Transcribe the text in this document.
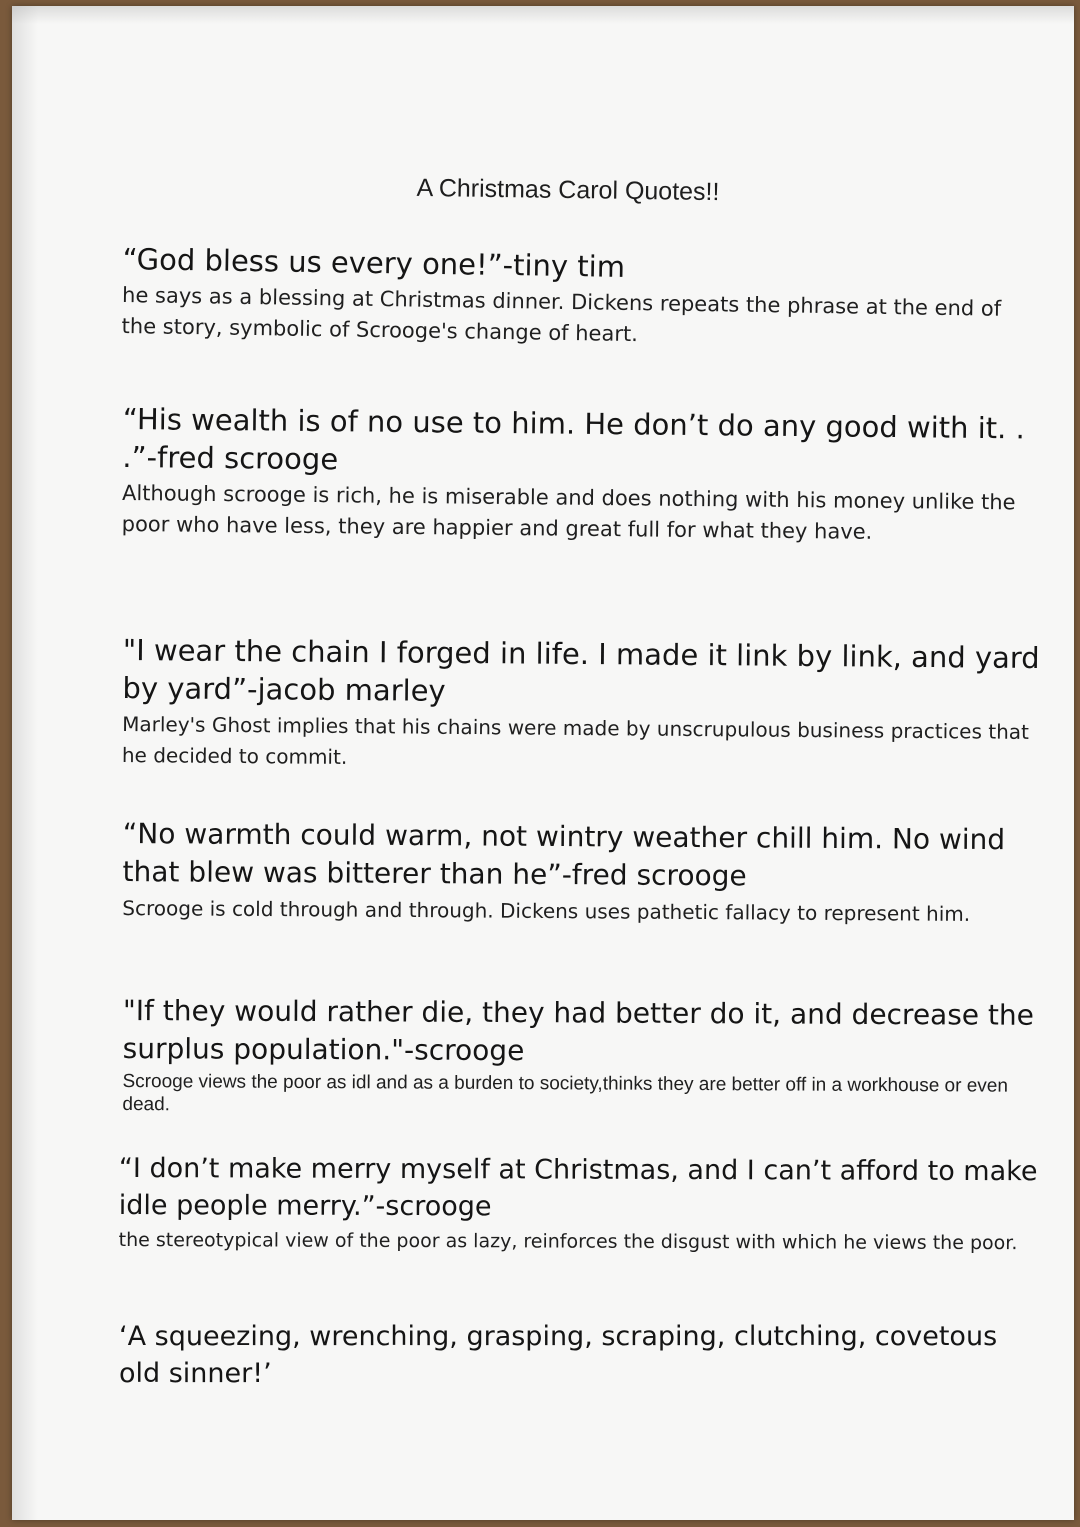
A Christmas Carol Quotes!!
“God bless us every one!”-tiny tim
he says as a blessing at Christmas dinner. Dickens repeats the phrase at the end of the story, symbolic of Scrooge's change of heart.
“His wealth is of no use to him. He don’t do any good with it. . .”-fred scrooge
Although scrooge is rich, he is miserable and does nothing with his money unlike the poor who have less, they are happier and great full for what they have.
"I wear the chain I forged in life. I made it link by link, and yard by yard”-jacob marley
Marley's Ghost implies that his chains were made by unscrupulous business practices that he decided to commit.
“No warmth could warm, not wintry weather chill him. No wind that blew was bitterer than he”-fred scrooge
Scrooge is cold through and through. Dickens uses pathetic fallacy to represent him.
"If they would rather die, they had better do it, and decrease the surplus population."-scrooge
Scrooge views the poor as idl and as a burden to society,thinks they are better off in a workhouse or even dead.
“I don’t make merry myself at Christmas, and I can’t afford to make idle people merry.”-scrooge
the stereotypical view of the poor as lazy, reinforces the disgust with which he views the poor.
‘A squeezing, wrenching, grasping, scraping, clutching, covetous old sinner!’
